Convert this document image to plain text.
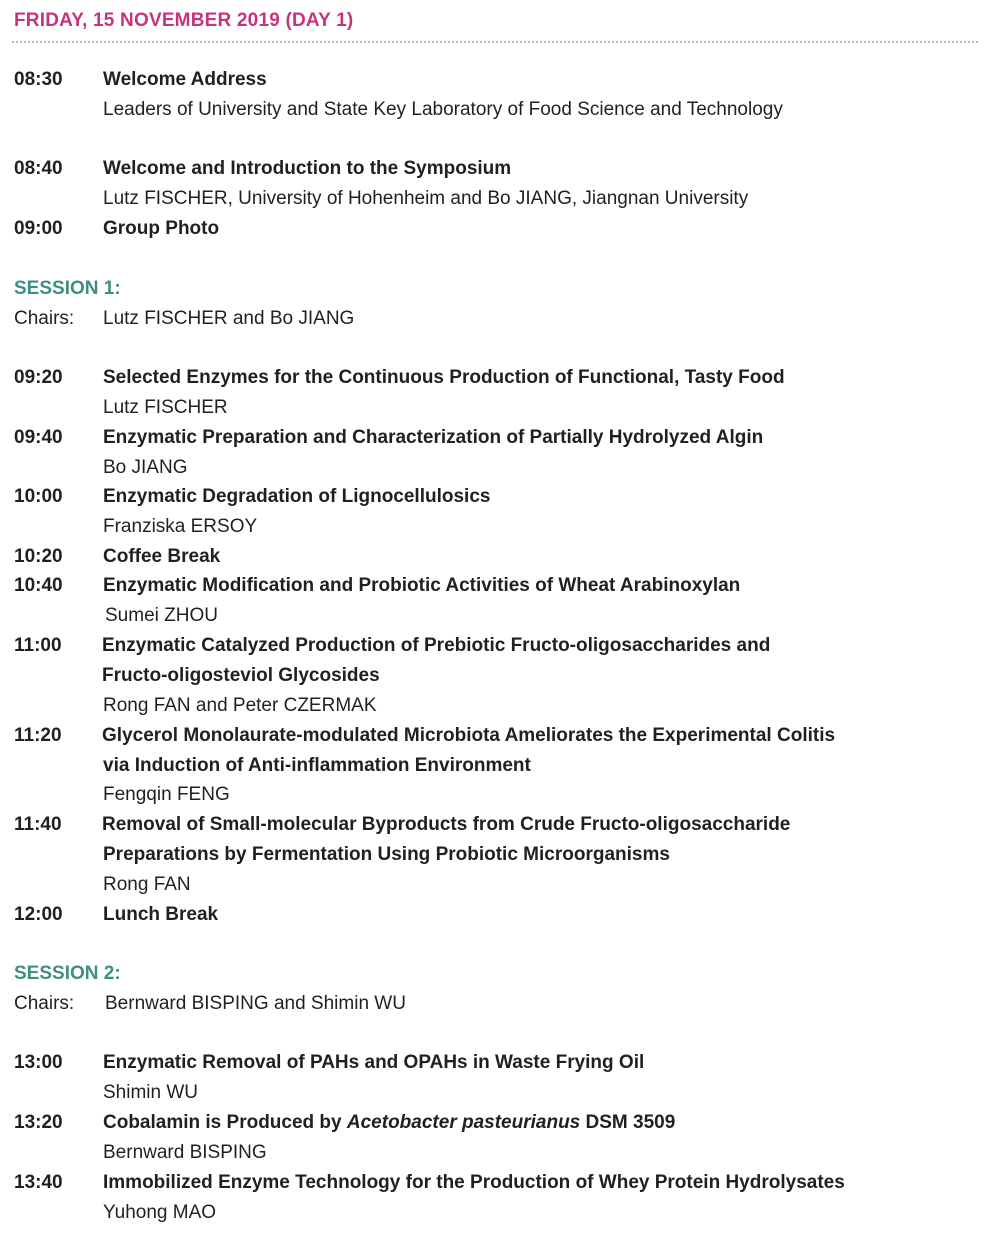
FRIDAY, 15 NOVEMBER 2019 (DAY 1)
08:30 Welcome Address
Leaders of University and State Key Laboratory of Food Science and Technology
08:40 Welcome and Introduction to the Symposium
Lutz FISCHER, University of Hohenheim and Bo JIANG, Jiangnan University
09:00 Group Photo
SESSION 1:
Chairs: Lutz FISCHER and Bo JIANG
09:20 Selected Enzymes for the Continuous Production of Functional, Tasty Food
Lutz FISCHER
09:40 Enzymatic Preparation and Characterization of Partially Hydrolyzed Algin
Bo JIANG
10:00 Enzymatic Degradation of Lignocellulosics
Franziska ERSOY
10:20 Coffee Break
10:40 Enzymatic Modification and Probiotic Activities of Wheat Arabinoxylan
Sumei ZHOU
11:00 Enzymatic Catalyzed Production of Prebiotic Fructo-oligosaccharides and
Fructo-oligosteviol Glycosides
Rong FAN and Peter CZERMAK
11:20 Glycerol Monolaurate-modulated Microbiota Ameliorates the Experimental Colitis
via Induction of Anti-inflammation Environment
Fengqin FENG
11:40 Removal of Small-molecular Byproducts from Crude Fructo-oligosaccharide
Preparations by Fermentation Using Probiotic Microorganisms
Rong FAN
12:00 Lunch Break
SESSION 2:
Chairs: Bernward BISPING and Shimin WU
13:00 Enzymatic Removal of PAHs and OPAHs in Waste Frying Oil
Shimin WU
13:20 Cobalamin is Produced by Acetobacter pasteurianus DSM 3509
Bernward BISPING
13:40 Immobilized Enzyme Technology for the Production of Whey Protein Hydrolysates
Yuhong MAO
